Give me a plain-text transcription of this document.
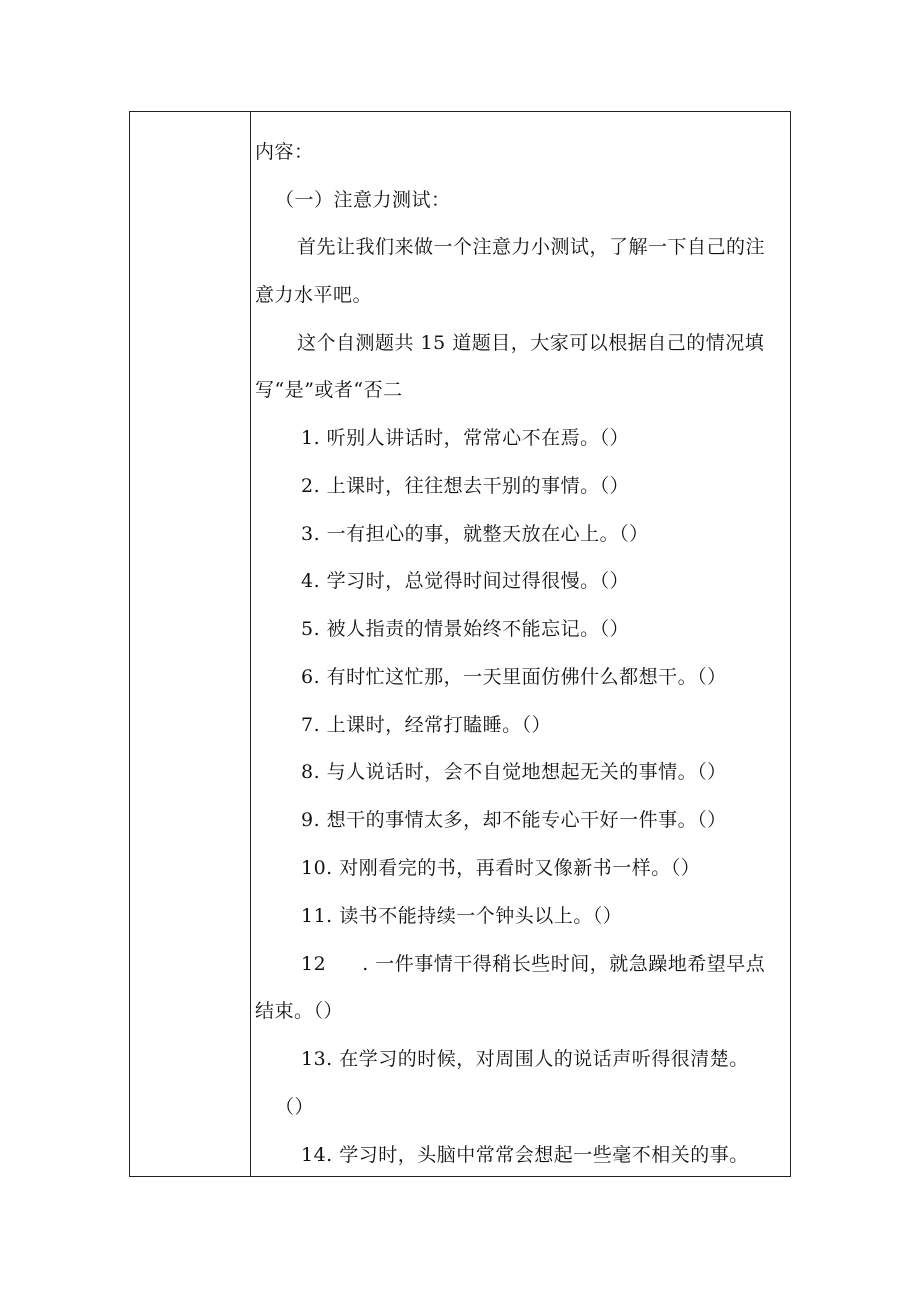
内容：
（一）注意力测试：
首先让我们来做一个注意力小测试，了解一下自己的注
意力水平吧。
这个自测题共 15 道题目，大家可以根据自己的情况填
写“是”或者“否二
1. 听别人讲话时，常常心不在焉。（）
2. 上课时，往往想去干别的事情。（）
3. 一有担心的事，就整天放在心上。（）
4. 学习时，总觉得时间过得很慢。（）
5. 被人指责的情景始终不能忘记。（）
6. 有时忙这忙那，一天里面仿佛什么都想干。（）
7. 上课时，经常打瞌睡。（）
8. 与人说话时，会不自觉地想起无关的事情。（）
9. 想干的事情太多，却不能专心干好一件事。（）
10. 对刚看完的书，再看时又像新书一样。（）
11. 读书不能持续一个钟头以上。（）
12 . 一件事情干得稍长些时间，就急躁地希望早点
结束。（）
13. 在学习的时候，对周围人的说话声听得很清楚。
（）
14. 学习时，头脑中常常会想起一些毫不相关的事。
